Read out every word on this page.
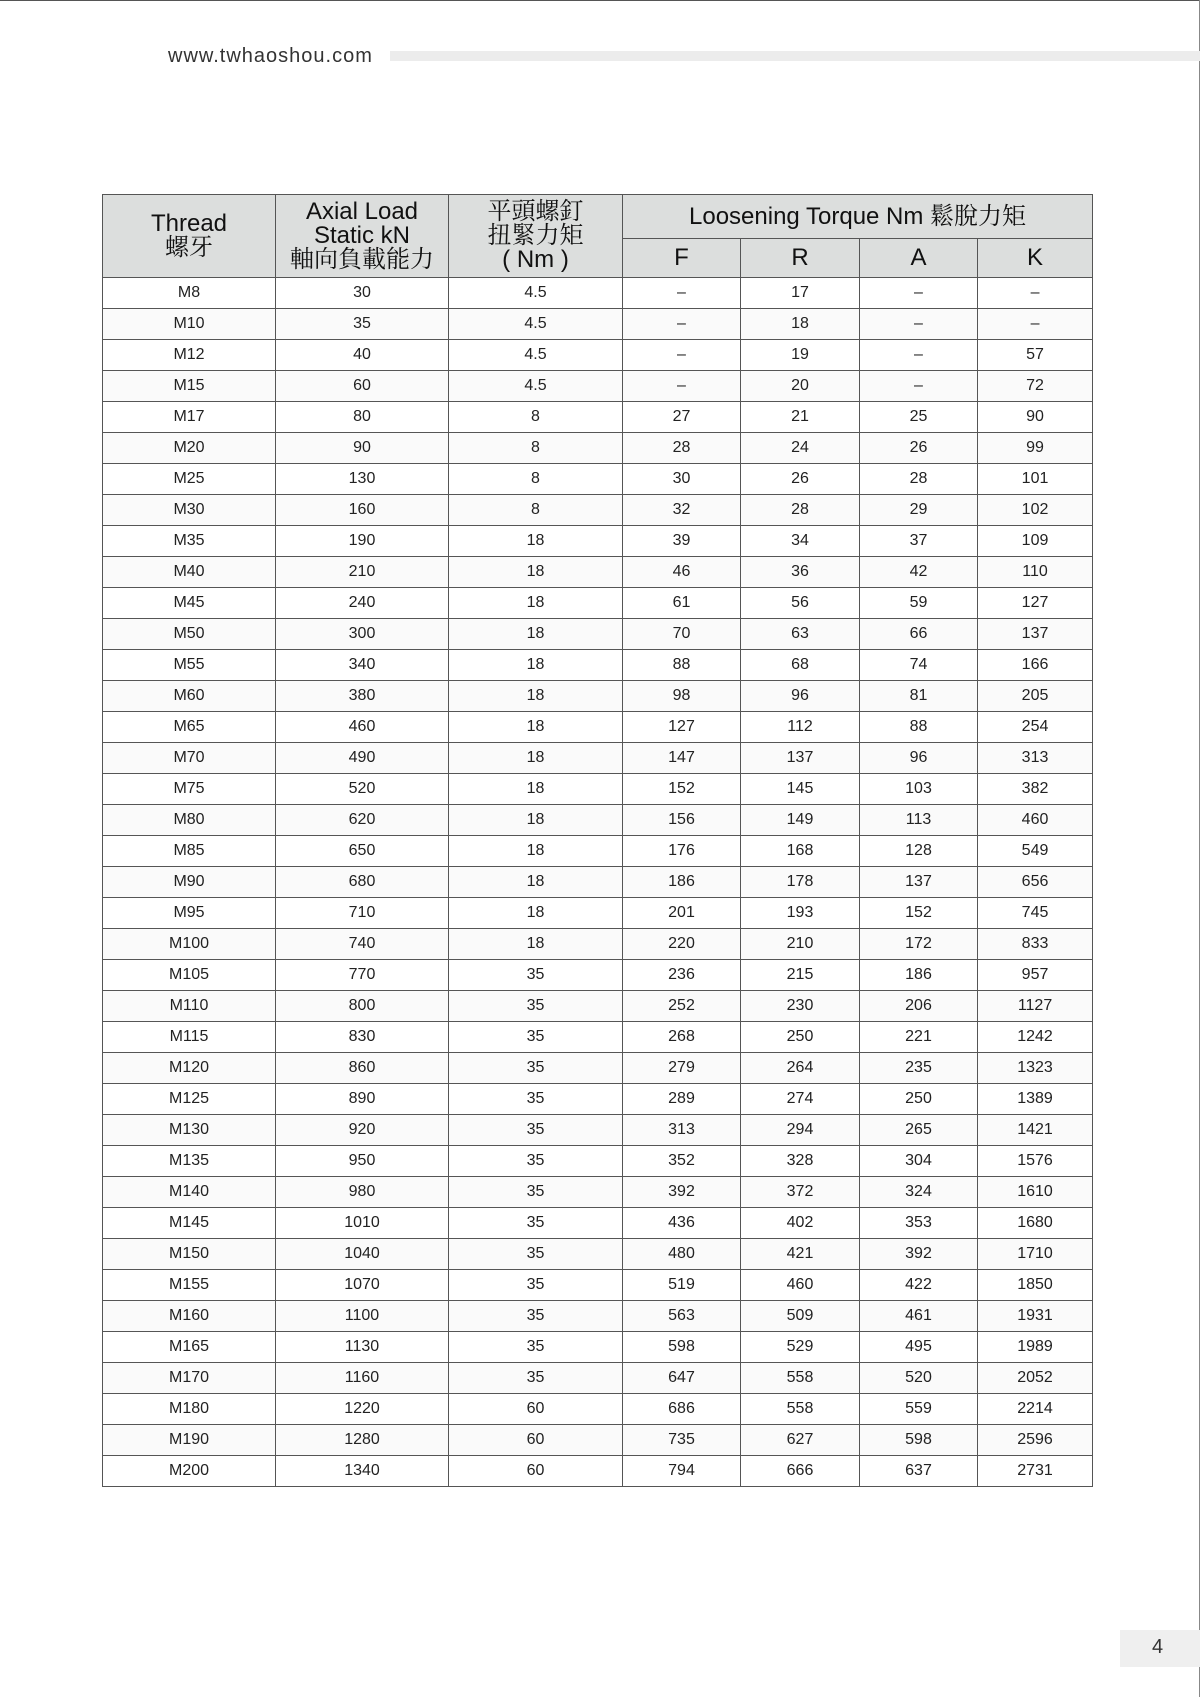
www.twhaoshou.com
Thread
螺牙	Axial Load
Static kN
軸向負載能力	平頭螺釘
扭緊力矩
( Nm )	Loosening Torque Nm 鬆脫力矩			
			F	R	A	K
M8	30	4.5	–	17	–	–
M10	35	4.5	–	18	–	–
M12	40	4.5	–	19	–	57
M15	60	4.5	–	20	–	72
M17	80	8	27	21	25	90
M20	90	8	28	24	26	99
M25	130	8	30	26	28	101
M30	160	8	32	28	29	102
M35	190	18	39	34	37	109
M40	210	18	46	36	42	110
M45	240	18	61	56	59	127
M50	300	18	70	63	66	137
M55	340	18	88	68	74	166
M60	380	18	98	96	81	205
M65	460	18	127	112	88	254
M70	490	18	147	137	96	313
M75	520	18	152	145	103	382
M80	620	18	156	149	113	460
M85	650	18	176	168	128	549
M90	680	18	186	178	137	656
M95	710	18	201	193	152	745
M100	740	18	220	210	172	833
M105	770	35	236	215	186	957
M110	800	35	252	230	206	1127
M115	830	35	268	250	221	1242
M120	860	35	279	264	235	1323
M125	890	35	289	274	250	1389
M130	920	35	313	294	265	1421
M135	950	35	352	328	304	1576
M140	980	35	392	372	324	1610
M145	1010	35	436	402	353	1680
M150	1040	35	480	421	392	1710
M155	1070	35	519	460	422	1850
M160	1100	35	563	509	461	1931
M165	1130	35	598	529	495	1989
M170	1160	35	647	558	520	2052
M180	1220	60	686	558	559	2214
M190	1280	60	735	627	598	2596
M200	1340	60	794	666	637	2731
4
